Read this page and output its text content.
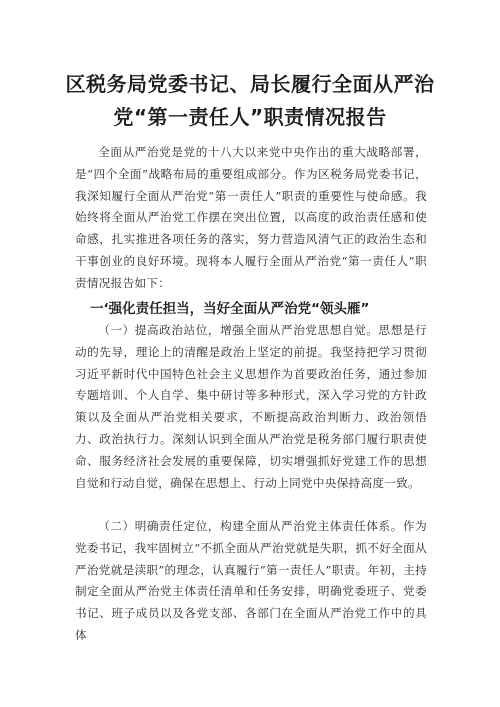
区税务局党委书记、局长履行全面从严治
党“第一责任人”职责情况报告

全面从严治党是党的十八大以来党中央作出的重大战略部署，是“四个全面”战略布局的重要组成部分。作为区税务局党委书记，我深知履行全面从严治党“第一责任人”职责的重要性与使命感。我始终将全面从严治党工作摆在突出位置，以高度的政治责任感和使命感，扎实推进各项任务的落实，努力营造风清气正的政治生态和干事创业的良好环境。现将本人履行全面从严治党“第一责任人”职责情况报告如下：

一‘强化责任担当，当好全面从严治党“领头雁”

（一）提高政治站位，增强全面从严治党思想自觉。思想是行动的先导，理论上的清醒是政治上坚定的前提。我坚持把学习贯彻习近平新时代中国特色社会主义思想作为首要政治任务，通过参加专题培训、个人自学、集中研讨等多种形式，深入学习党的方针政策以及全面从严治党相关要求，不断提高政治判断力、政治领悟力、政治执行力。深刻认识到全面从严治党是税务部门履行职责使命、服务经济社会发展的重要保障，切实增强抓好党建工作的思想自觉和行动自觉，确保在思想上、行动上同党中央保持高度一致。

（二）明确责任定位，构建全面从严治党主体责任体系。作为党委书记，我牢固树立“不抓全面从严治党就是失职，抓不好全面从严治党就是渎职”的理念，认真履行“第一责任人”职责。年初，主持制定全面从严治党主体责任清单和任务安排，明确党委班子、党委书记、班子成员以及各党支部、各部门在全面从严治党工作中的具体
